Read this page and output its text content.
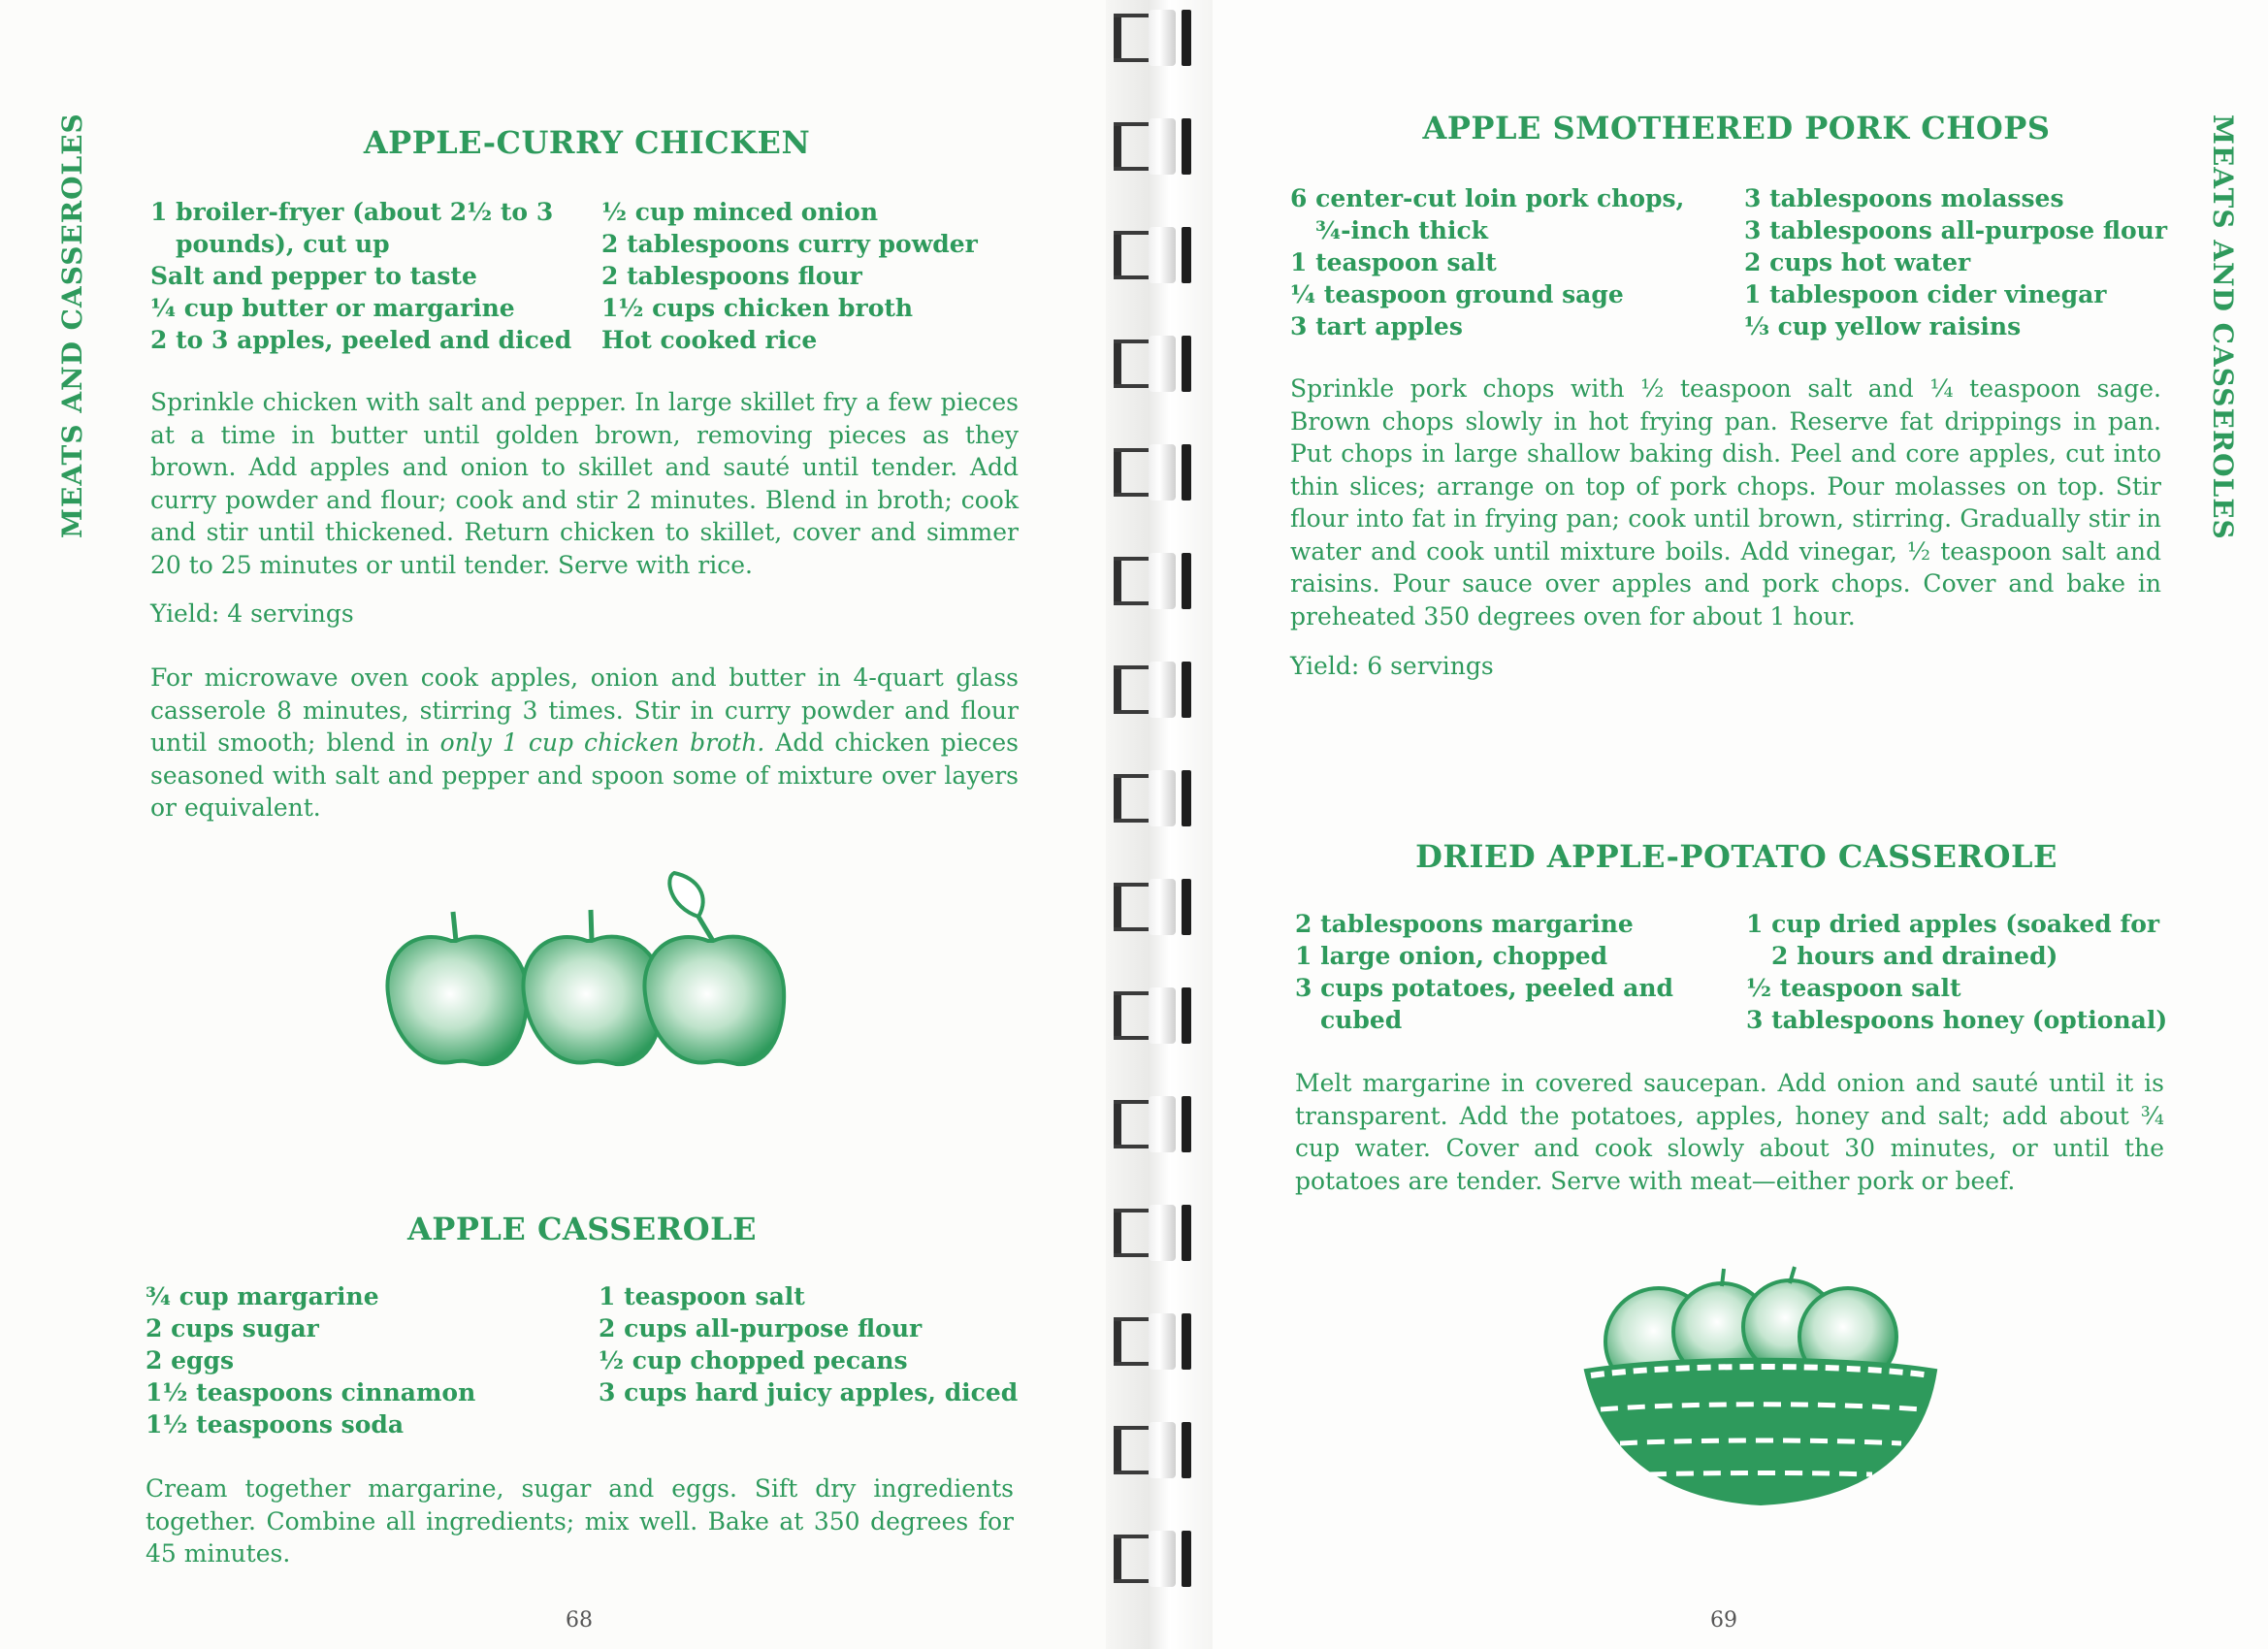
MEATS AND CASSEROLES	APPLE-CURRY CHICKEN
1 broiler-fryer (about 2½ to 3
pounds), cut up
Salt and pepper to taste
¼ cup butter or margarine
2 to 3 apples, peeled and diced
½ cup minced onion
2 tablespoons curry powder
2 tablespoons flour
1½ cups chicken broth
Hot cooked rice

Sprinkle chicken with salt and pepper. In large skillet fry a few pieces at a time in butter until golden brown, removing pieces as they brown. Add apples and onion to skillet and sauté until tender. Add curry powder and flour; cook and stir 2 minutes. Blend in broth; cook and stir until thickened. Return chicken to skillet, cover and simmer 20 to 25 minutes or until tender. Serve with rice.

Yield: 4 servings

For microwave oven cook apples, onion and butter in 4-quart glass casserole 8 minutes, stirring 3 times. Stir in curry powder and flour until smooth; blend in only 1 cup chicken broth. Add chicken pieces seasoned with salt and pepper and spoon some of mixture over layers or equivalent.

APPLE CASSEROLE
¾ cup margarine
2 cups sugar
2 eggs
1½ teaspoons cinnamon
1½ teaspoons soda
1 teaspoon salt
2 cups all-purpose flour
½ cup chopped pecans
3 cups hard juicy apples, diced

Cream together margarine, sugar and eggs. Sift dry ingredients together. Combine all ingredients; mix well. Bake at 350 degrees for 45 minutes.

68
MEATS AND CASSEROLES
APPLE SMOTHERED PORK CHOPS
6 center-cut loin pork chops,
¾-inch thick
1 teaspoon salt
¼ teaspoon ground sage
3 tart apples
3 tablespoons molasses
3 tablespoons all-purpose flour
2 cups hot water
1 tablespoon cider vinegar
⅓ cup yellow raisins

Sprinkle pork chops with ½ teaspoon salt and ¼ teaspoon sage. Brown chops slowly in hot frying pan. Reserve fat drippings in pan. Put chops in large shallow baking dish. Peel and core apples, cut into thin slices; arrange on top of pork chops. Pour molasses on top. Stir flour into fat in frying pan; cook until brown, stirring. Gradually stir in water and cook until mixture boils. Add vinegar, ½ teaspoon salt and raisins. Pour sauce over apples and pork chops. Cover and bake in preheated 350 degrees oven for about 1 hour.

Yield: 6 servings
DRIED APPLE-POTATO CASSEROLE
2 tablespoons margarine
1 large onion, chopped
3 cups potatoes, peeled and
cubed
1 cup dried apples (soaked for
2 hours and drained)
½ teaspoon salt
3 tablespoons honey (optional)

Melt margarine in covered saucepan. Add onion and sauté until it is transparent. Add the potatoes, apples, honey and salt; add about ¾ cup water. Cover and cook slowly about 30 minutes, or until the potatoes are tender. Serve with meat—either pork or beef.

69
